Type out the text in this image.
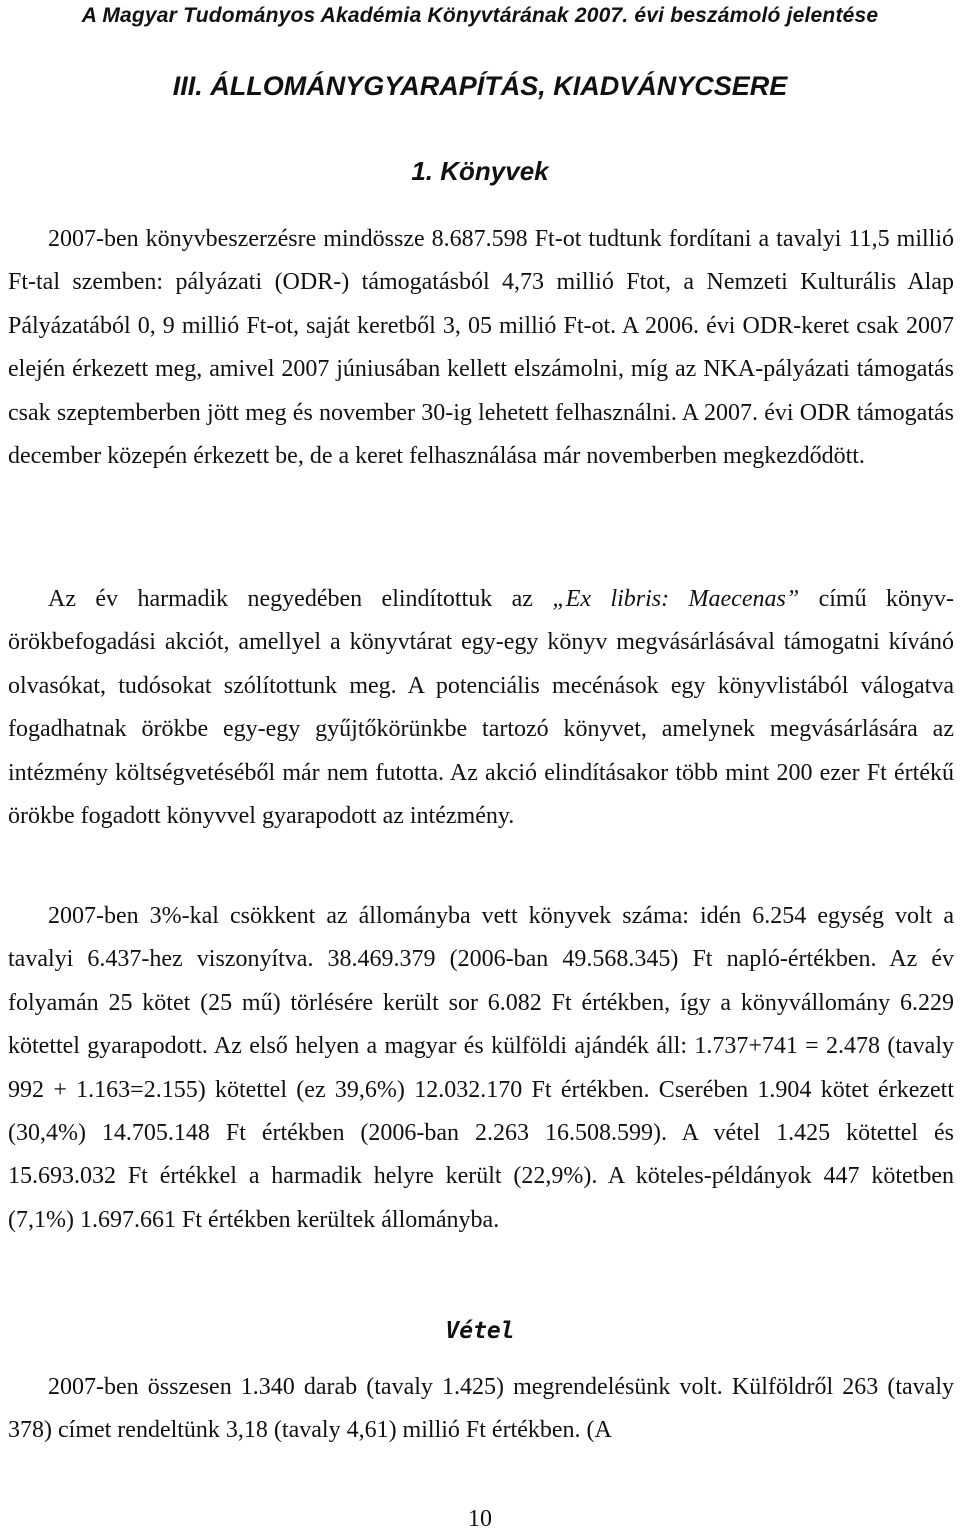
A Magyar Tudományos Akadémia Könyvtárának 2007. évi beszámoló jelentése
III. ÁLLOMÁNYGYARAPÍTÁS, KIADVÁNYCSERE
1. Könyvek

2007-ben könyvbeszerzésre mindössze 8.687.598 Ft-ot tudtunk fordítani a tavalyi 11,5 millió Ft-tal szemben: pályázati (ODR-) támogatásból 4,73 millió Ftot, a Nemzeti Kulturális Alap Pályázatából 0, 9 millió Ft-ot, saját keretből 3, 05 millió Ft-ot. A 2006. évi ODR-keret csak 2007 elején érkezett meg, amivel 2007 júniusában kellett elszámolni, míg az NKA-pályázati támogatás csak szeptemberben jött meg és november 30-ig lehetett felhasználni. A 2007. évi ODR támogatás december közepén érkezett be, de a keret felhasználása már novemberben megkezdődött.

Az év harmadik negyedében elindítottuk az „Ex libris: Maecenas” című könyv-örökbefogadási akciót, amellyel a könyvtárat egy-egy könyv megvásárlásával támogatni kívánó olvasókat, tudósokat szólítottunk meg. A potenciális mecénások egy könyvlistából válogatva fogadhatnak örökbe egy-egy gyűjtőkörünkbe tartozó könyvet, amelynek megvásárlására az intézmény költségvetéséből már nem futotta. Az akció elindításakor több mint 200 ezer Ft értékű örökbe fogadott könyvvel gyarapodott az intézmény.

2007-ben 3%-kal csökkent az állományba vett könyvek száma: idén 6.254 egység volt a tavalyi 6.437-hez viszonyítva. 38.469.379 (2006-ban 49.568.345) Ft napló-értékben. Az év folyamán 25 kötet (25 mű) törlésére került sor 6.082 Ft értékben, így a könyvállomány 6.229 kötettel gyarapodott. Az első helyen a magyar és külföldi ajándék áll: 1.737+741 = 2.478 (tavaly 992 + 1.163=2.155) kötettel (ez 39,6%) 12.032.170 Ft értékben. Cserében 1.904 kötet érkezett (30,4%) 14.705.148 Ft értékben (2006-ban 2.263 16.508.599). A vétel 1.425 kötettel és 15.693.032 Ft értékkel a harmadik helyre került (22,9%). A köteles-példányok 447 kötetben (7,1%) 1.697.661 Ft értékben kerültek állományba.

Vétel

2007-ben összesen 1.340 darab (tavaly 1.425) megrendelésünk volt. Külföldről 263 (tavaly 378) címet rendeltünk 3,18 (tavaly 4,61) millió Ft értékben. (A

10
